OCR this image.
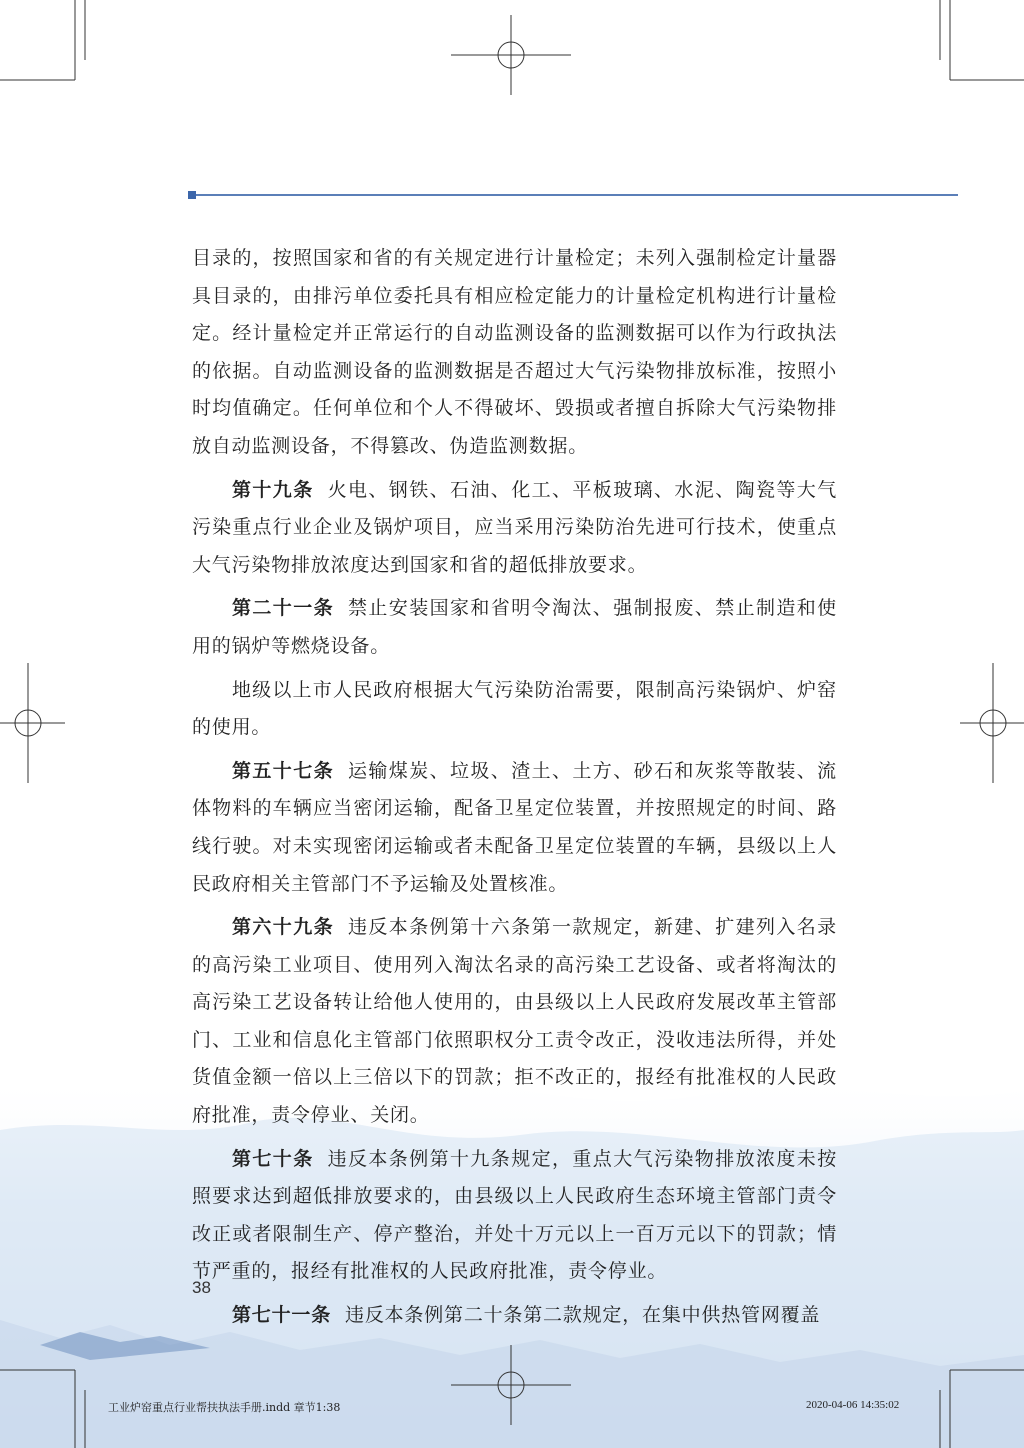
目录的，按照国家和省的有关规定进行计量检定；未列入强制检定计量器具目录的，由排污单位委托具有相应检定能力的计量检定机构进行计量检定。经计量检定并正常运行的自动监测设备的监测数据可以作为行政执法的依据。自动监测设备的监测数据是否超过大气污染物排放标准，按照小时均值确定。任何单位和个人不得破坏、毁损或者擅自拆除大气污染物排放自动监测设备，不得篡改、伪造监测数据。

第十九条 火电、钢铁、石油、化工、平板玻璃、水泥、陶瓷等大气污染重点行业企业及锅炉项目，应当采用污染防治先进可行技术，使重点大气污染物排放浓度达到国家和省的超低排放要求。

第二十一条 禁止安装国家和省明令淘汰、强制报废、禁止制造和使用的锅炉等燃烧设备。

地级以上市人民政府根据大气污染防治需要，限制高污染锅炉、炉窑的使用。

第五十七条 运输煤炭、垃圾、渣土、土方、砂石和灰浆等散装、流体物料的车辆应当密闭运输，配备卫星定位装置，并按照规定的时间、路线行驶。对未实现密闭运输或者未配备卫星定位装置的车辆，县级以上人民政府相关主管部门不予运输及处置核准。

第六十九条 违反本条例第十六条第一款规定，新建、扩建列入名录的高污染工业项目、使用列入淘汰名录的高污染工艺设备、或者将淘汰的高污染工艺设备转让给他人使用的，由县级以上人民政府发展改革主管部门、工业和信息化主管部门依照职权分工责令改正，没收违法所得，并处货值金额一倍以上三倍以下的罚款；拒不改正的，报经有批准权的人民政府批准，责令停业、关闭。

第七十条 违反本条例第十九条规定，重点大气污染物排放浓度未按照要求达到超低排放要求的，由县级以上人民政府生态环境主管部门责令改正或者限制生产、停产整治，并处十万元以上一百万元以下的罚款；情节严重的，报经有批准权的人民政府批准，责令停业。

第七十一条 违反本条例第二十条第二款规定，在集中供热管网覆盖

38
工业炉窑重点行业帮扶执法手册.indd 章节1:38	2020-04-06 14:35:02
